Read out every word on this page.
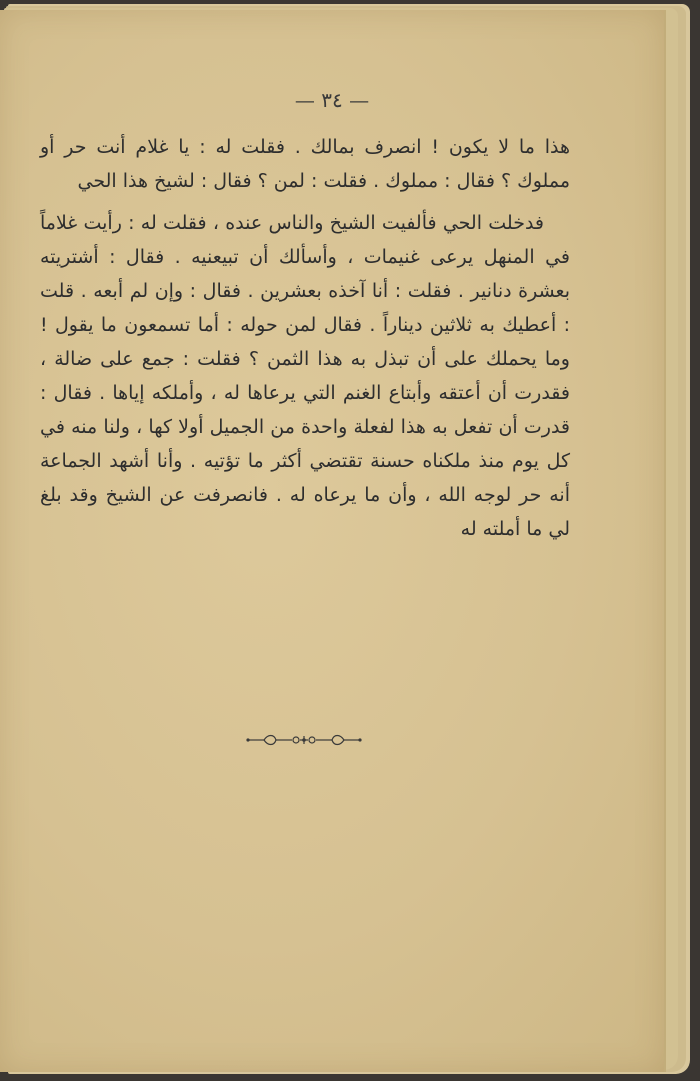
— ٣٤ —

هذا ما لا يكون ! انصرف بمالك . فقلت له : يا غلام أنت حر أو مملوك ؟ فقال : مملوك . فقلت : لمن ؟ فقال : لشيخ هذا الحي

فدخلت الحي فألفيت الشيخ والناس عنده ، فقلت له : رأيت غلاماً في المنهل يرعى غنيمات ، وأسألك أن تبيعنيه . فقال : أشتريته بعشرة دنانير . فقلت : أنا آخذه بعشرين . فقال : وإن لم أبعه . قلت : أعطيك به ثلاثين ديناراً . فقال لمن حوله : أما تسمعون ما يقول ! وما يحملك على أن تبذل به هذا الثمن ؟ فقلت : جمع على ضالة ، فقدرت أن أعتقه وأبتاع الغنم التي يرعاها له ، وأملكه إياها . فقال : قدرت أن تفعل به هذا لفعلة واحدة من الجميل أولا كها ، ولنا منه في كل يوم منذ ملكناه حسنة تقتضي أكثر ما تؤتيه . وأنا أشهد الجماعة أنه حر لوجه الله ، وأن ما يرعاه له . فانصرفت عن الشيخ وقد بلغ لي ما أملته له
